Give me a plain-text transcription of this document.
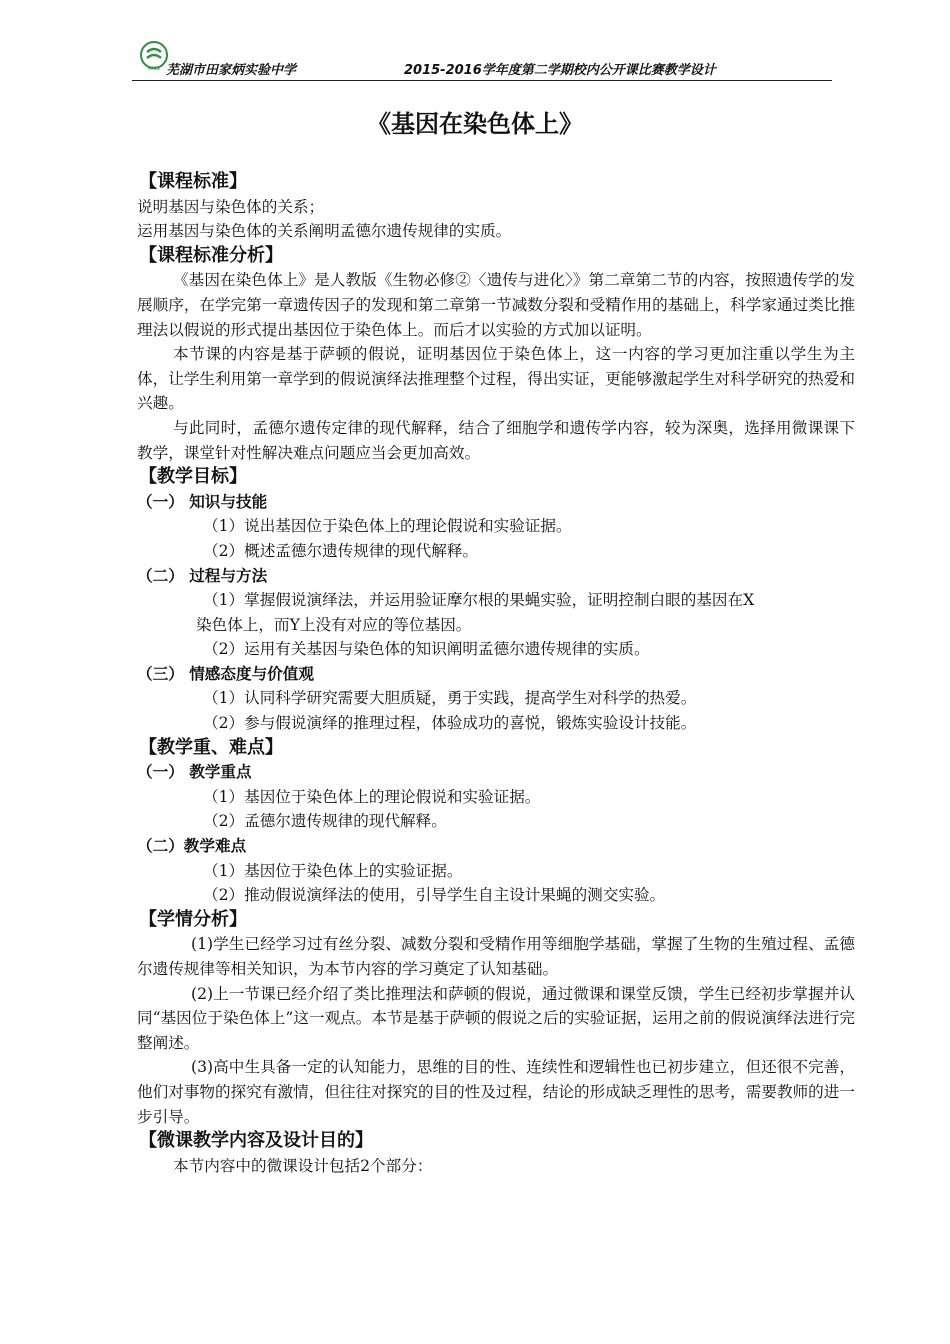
MEIBE 芜湖市田家炳实验中学	2015-2016学年度第二学期校内公开课比赛教学设计
《基因在染色体上》
【课程标准】
说明基因与染色体的关系；
运用基因与染色体的关系阐明孟德尔遗传规律的实质。
【课程标准分析】
《基因在染色体上》是人教版《生物必修②〈遗传与进化〉》第二章第二节的内容，按照遗传学的发展顺序，在学完第一章遗传因子的发现和第二章第一节减数分裂和受精作用的基础上，科学家通过类比推理法以假说的形式提出基因位于染色体上。而后才以实验的方式加以证明。
本节课的内容是基于萨顿的假说，证明基因位于染色体上，这一内容的学习更加注重以学生为主体，让学生利用第一章学到的假说演绎法推理整个过程，得出实证，更能够激起学生对科学研究的热爱和兴趣。
与此同时，孟德尔遗传定律的现代解释，结合了细胞学和遗传学内容，较为深奥，选择用微课课下教学，课堂针对性解决难点问题应当会更加高效。
【教学目标】
（一） 知识与技能
（1）说出基因位于染色体上的理论假说和实验证据。
（2）概述孟德尔遗传规律的现代解释。
（二） 过程与方法
（1）掌握假说演绎法，并运用验证摩尔根的果蝇实验，证明控制白眼的基因在X
染色体上，而Y上没有对应的等位基因。
（2）运用有关基因与染色体的知识阐明孟德尔遗传规律的实质。
（三） 情感态度与价值观
（1）认同科学研究需要大胆质疑，勇于实践，提高学生对科学的热爱。
（2）参与假说演绎的推理过程，体验成功的喜悦，锻炼实验设计技能。
【教学重、难点】
（一） 教学重点
（1）基因位于染色体上的理论假说和实验证据。
（2）孟德尔遗传规律的现代解释。
（二）教学难点
（1）基因位于染色体上的实验证据。
（2）推动假说演绎法的使用，引导学生自主设计果蝇的测交实验。
【学情分析】
(1)学生已经学习过有丝分裂、减数分裂和受精作用等细胞学基础，掌握了生物的生殖过程、孟德尔遗传规律等相关知识，为本节内容的学习奠定了认知基础。
(2)上一节课已经介绍了类比推理法和萨顿的假说，通过微课和课堂反馈，学生已经初步掌握并认同“基因位于染色体上”这一观点。本节是基于萨顿的假说之后的实验证据，运用之前的假说演绎法进行完整阐述。
(3)高中生具备一定的认知能力，思维的目的性、连续性和逻辑性也已初步建立，但还很不完善，他们对事物的探究有激情，但往往对探究的目的性及过程，结论的形成缺乏理性的思考，需要教师的进一步引导。
【微课教学内容及设计目的】
本节内容中的微课设计包括2个部分：
